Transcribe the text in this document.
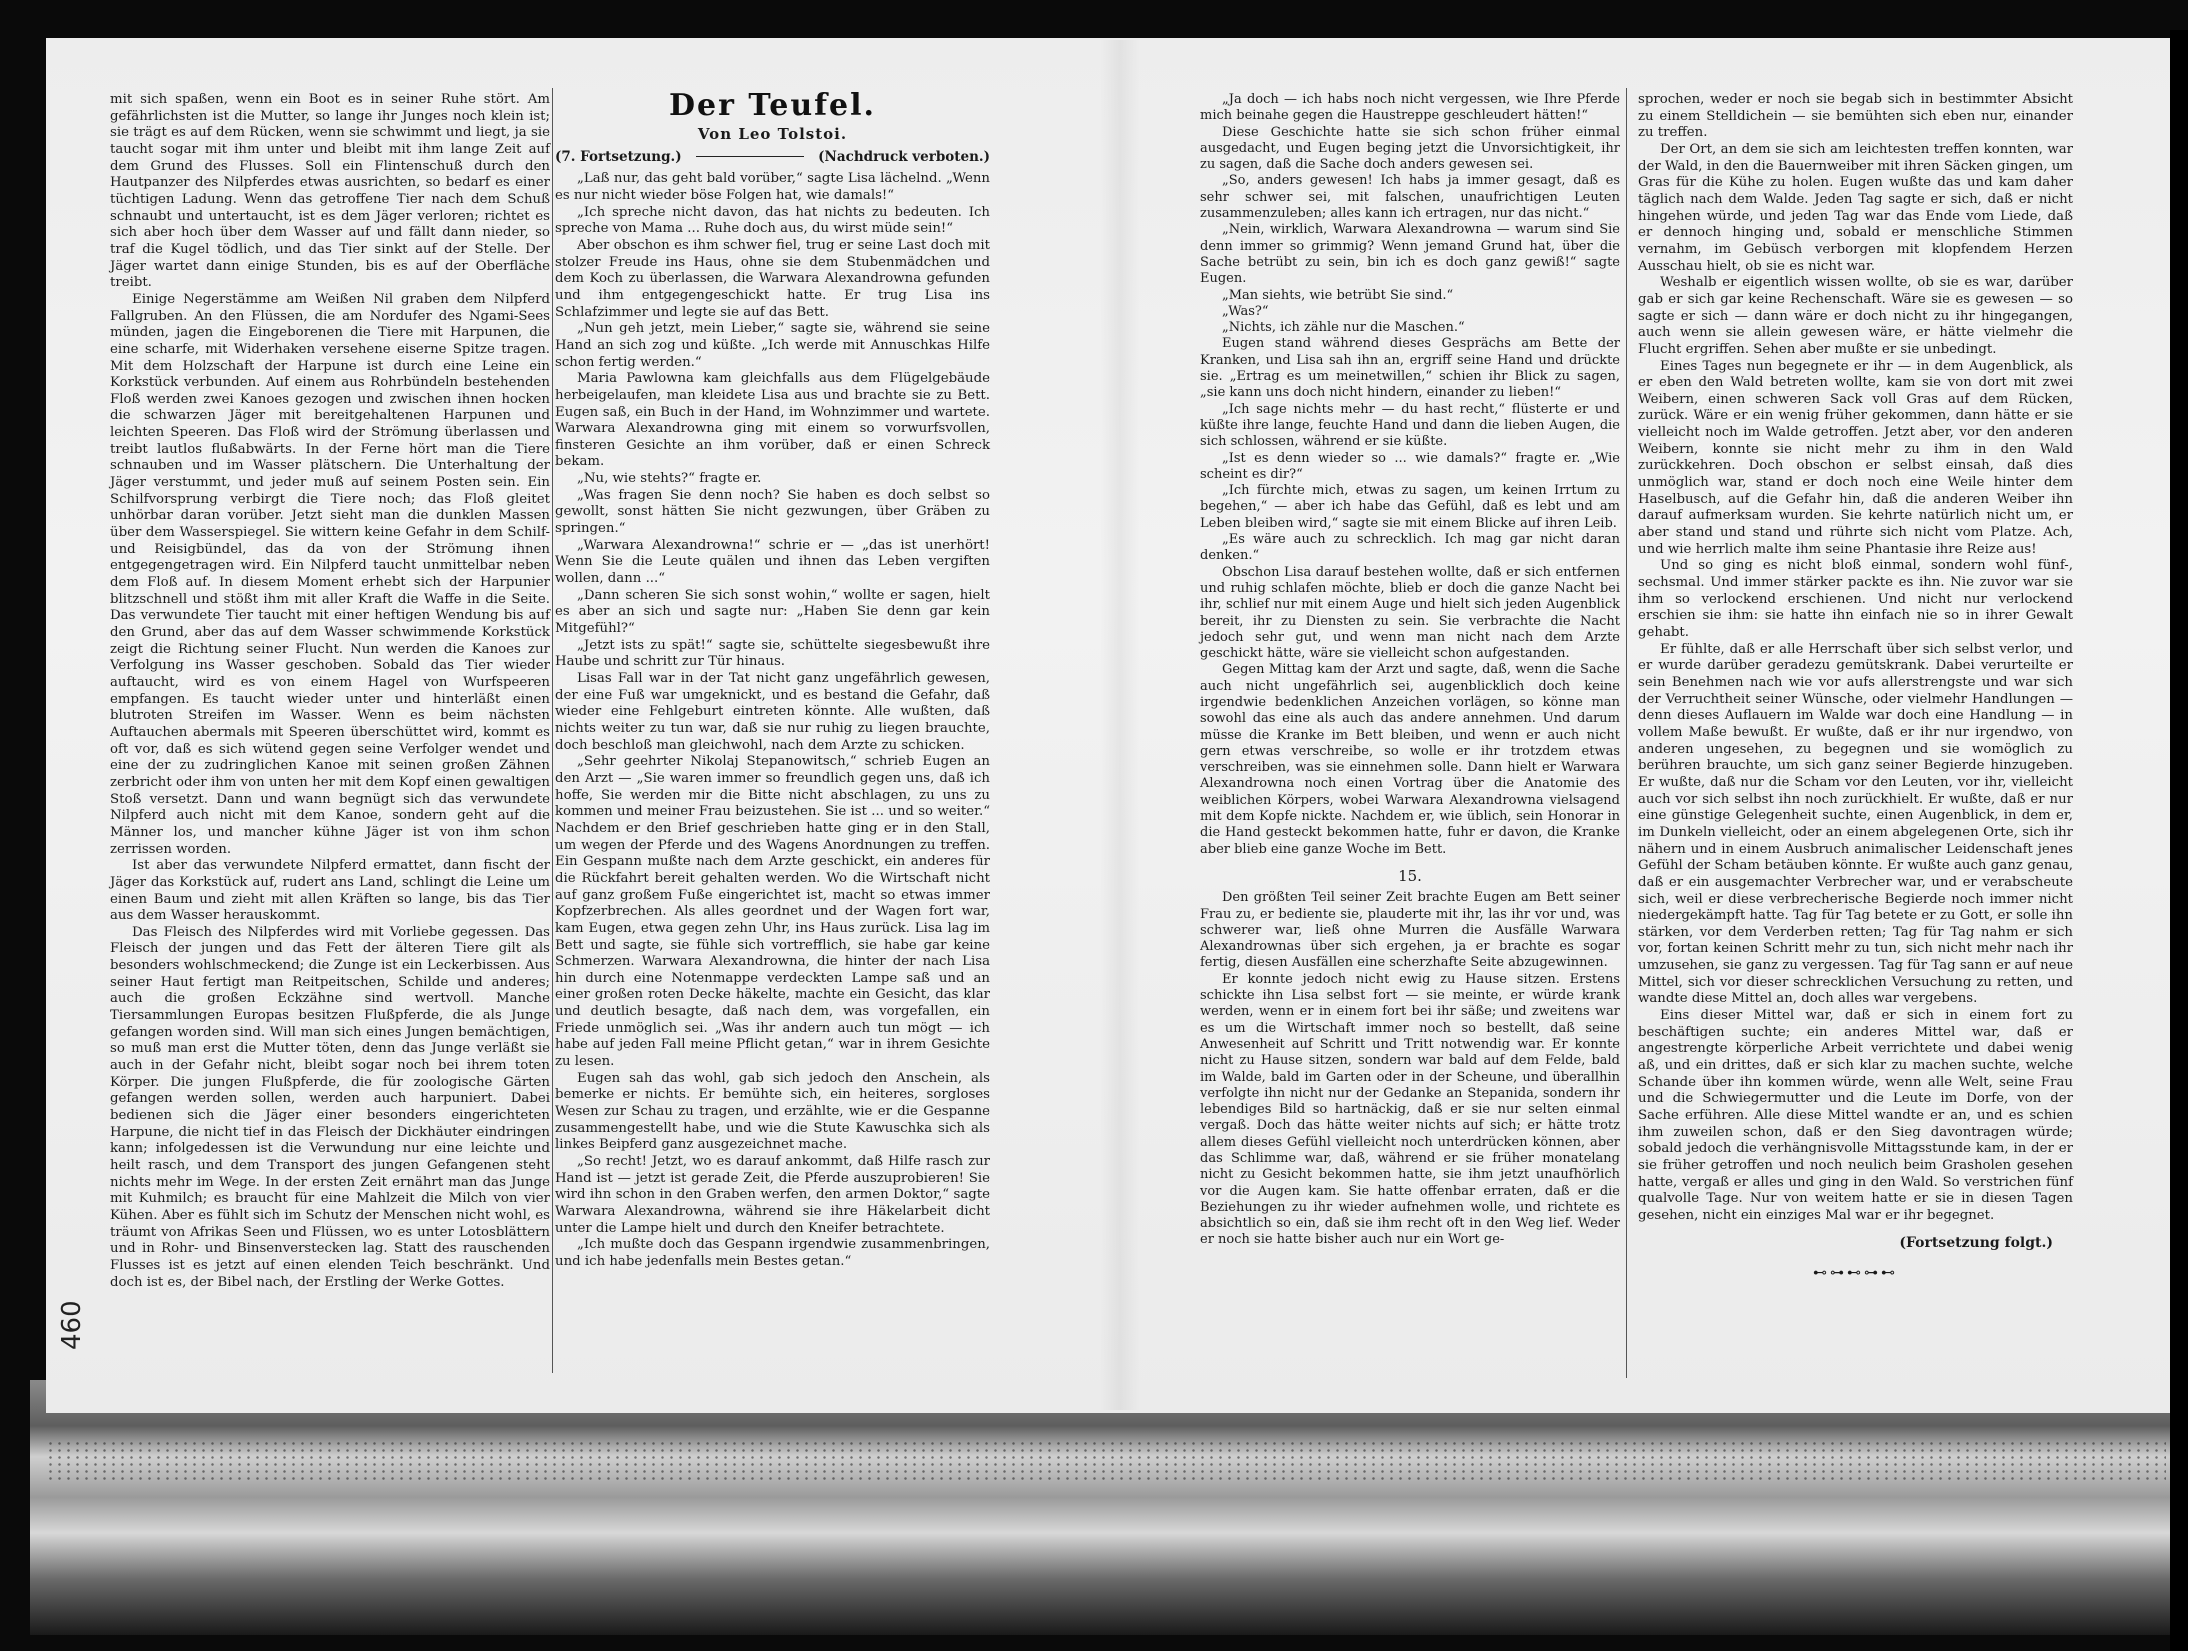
460

mit sich spaßen, wenn ein Boot es in seiner Ruhe stört. Am gefährlichsten ist die Mutter, so lange ihr Junges noch klein ist; sie trägt es auf dem Rücken, wenn sie schwimmt und liegt, ja sie taucht sogar mit ihm unter und bleibt mit ihm lange Zeit auf dem Grund des Flusses. Soll ein Flintenschuß durch den Hautpanzer des Nilpferdes etwas ausrichten, so bedarf es einer tüchtigen Ladung. Wenn das getroffene Tier nach dem Schuß schnaubt und untertaucht, ist es dem Jäger verloren; richtet es sich aber hoch über dem Wasser auf und fällt dann nieder, so traf die Kugel tödlich, und das Tier sinkt auf der Stelle. Der Jäger wartet dann einige Stunden, bis es auf der Oberfläche treibt.

Einige Negerstämme am Weißen Nil graben dem Nilpferd Fallgruben. An den Flüssen, die am Nordufer des Ngami-Sees münden, jagen die Eingeborenen die Tiere mit Harpunen, die eine scharfe, mit Widerhaken versehene eiserne Spitze tragen. Mit dem Holzschaft der Harpune ist durch eine Leine ein Korkstück verbunden. Auf einem aus Rohrbündeln bestehenden Floß werden zwei Kanoes gezogen und zwischen ihnen hocken die schwarzen Jäger mit bereitgehaltenen Harpunen und leichten Speeren. Das Floß wird der Strömung überlassen und treibt lautlos flußabwärts. In der Ferne hört man die Tiere schnauben und im Wasser plätschern. Die Unterhaltung der Jäger verstummt, und jeder muß auf seinem Posten sein. Ein Schilfvorsprung verbirgt die Tiere noch; das Floß gleitet unhörbar daran vorüber. Jetzt sieht man die dunklen Massen über dem Wasserspiegel. Sie wittern keine Gefahr in dem Schilf- und Reisigbündel, das da von der Strömung ihnen entgegengetragen wird. Ein Nilpferd taucht unmittelbar neben dem Floß auf. In diesem Moment erhebt sich der Harpunier blitzschnell und stößt ihm mit aller Kraft die Waffe in die Seite. Das verwundete Tier taucht mit einer heftigen Wendung bis auf den Grund, aber das auf dem Wasser schwimmende Korkstück zeigt die Richtung seiner Flucht. Nun werden die Kanoes zur Verfolgung ins Wasser geschoben. Sobald das Tier wieder auftaucht, wird es von einem Hagel von Wurfspeeren empfangen. Es taucht wieder unter und hinterläßt einen blutroten Streifen im Wasser. Wenn es beim nächsten Auftauchen abermals mit Speeren überschüttet wird, kommt es oft vor, daß es sich wütend gegen seine Verfolger wendet und eine der zu zudringlichen Kanoe mit seinen großen Zähnen zerbricht oder ihm von unten her mit dem Kopf einen gewaltigen Stoß versetzt. Dann und wann begnügt sich das verwundete Nilpferd auch nicht mit dem Kanoe, sondern geht auf die Männer los, und mancher kühne Jäger ist von ihm schon zerrissen worden.

Ist aber das verwundete Nilpferd ermattet, dann fischt der Jäger das Korkstück auf, rudert ans Land, schlingt die Leine um einen Baum und zieht mit allen Kräften so lange, bis das Tier aus dem Wasser herauskommt.

Das Fleisch des Nilpferdes wird mit Vorliebe gegessen. Das Fleisch der jungen und das Fett der älteren Tiere gilt als besonders wohlschmeckend; die Zunge ist ein Leckerbissen. Aus seiner Haut fertigt man Reitpeitschen, Schilde und anderes; auch die großen Eckzähne sind wertvoll. Manche Tiersammlungen Europas besitzen Flußpferde, die als Junge gefangen worden sind. Will man sich eines Jungen bemächtigen, so muß man erst die Mutter töten, denn das Junge verläßt sie auch in der Gefahr nicht, bleibt sogar noch bei ihrem toten Körper. Die jungen Flußpferde, die für zoologische Gärten gefangen werden sollen, werden auch harpuniert. Dabei bedienen sich die Jäger einer besonders eingerichteten Harpune, die nicht tief in das Fleisch der Dickhäuter eindringen kann; infolgedessen ist die Verwundung nur eine leichte und heilt rasch, und dem Transport des jungen Gefangenen steht nichts mehr im Wege. In der ersten Zeit ernährt man das Junge mit Kuhmilch; es braucht für eine Mahlzeit die Milch von vier Kühen. Aber es fühlt sich im Schutz der Menschen nicht wohl, es träumt von Afrikas Seen und Flüssen, wo es unter Lotosblättern und in Rohr- und Binsenverstecken lag. Statt des rauschenden Flusses ist es jetzt auf einen elenden Teich beschränkt. Und doch ist es, der Bibel nach, der Erstling der Werke Gottes.

Der Teufel.
Von Leo Tolstoi.
(7. Fortsetzung.)	(Nachdruck verboten.)

„Laß nur, das geht bald vorüber,“ sagte Lisa lächelnd. „Wenn es nur nicht wieder böse Folgen hat, wie damals!“

„Ich spreche nicht davon, das hat nichts zu bedeuten. Ich spreche von Mama ... Ruhe doch aus, du wirst müde sein!“

Aber obschon es ihm schwer fiel, trug er seine Last doch mit stolzer Freude ins Haus, ohne sie dem Stubenmädchen und dem Koch zu überlassen, die Warwara Alexandrowna gefunden und ihm entgegengeschickt hatte. Er trug Lisa ins Schlafzimmer und legte sie auf das Bett.

„Nun geh jetzt, mein Lieber,“ sagte sie, während sie seine Hand an sich zog und küßte. „Ich werde mit Annuschkas Hilfe schon fertig werden.“

Maria Pawlowna kam gleichfalls aus dem Flügelgebäude herbeigelaufen, man kleidete Lisa aus und brachte sie zu Bett. Eugen saß, ein Buch in der Hand, im Wohnzimmer und wartete. Warwara Alexandrowna ging mit einem so vorwurfsvollen, finsteren Gesichte an ihm vorüber, daß er einen Schreck bekam.

„Nu, wie stehts?“ fragte er.

„Was fragen Sie denn noch? Sie haben es doch selbst so gewollt, sonst hätten Sie nicht gezwungen, über Gräben zu springen.“

„Warwara Alexandrowna!“ schrie er — „das ist unerhört! Wenn Sie die Leute quälen und ihnen das Leben vergiften wollen, dann ...“

„Dann scheren Sie sich sonst wohin,“ wollte er sagen, hielt es aber an sich und sagte nur: „Haben Sie denn gar kein Mitgefühl?“

„Jetzt ists zu spät!“ sagte sie, schüttelte siegesbewußt ihre Haube und schritt zur Tür hinaus.

Lisas Fall war in der Tat nicht ganz ungefährlich gewesen, der eine Fuß war umgeknickt, und es bestand die Gefahr, daß wieder eine Fehlgeburt eintreten könnte. Alle wußten, daß nichts weiter zu tun war, daß sie nur ruhig zu liegen brauchte, doch beschloß man gleichwohl, nach dem Arzte zu schicken.

„Sehr geehrter Nikolaj Stepanowitsch,“ schrieb Eugen an den Arzt — „Sie waren immer so freundlich gegen uns, daß ich hoffe, Sie werden mir die Bitte nicht abschlagen, zu uns zu kommen und meiner Frau beizustehen. Sie ist ... und so weiter.“ Nachdem er den Brief geschrieben hatte ging er in den Stall, um wegen der Pferde und des Wagens Anordnungen zu treffen. Ein Gespann mußte nach dem Arzte geschickt, ein anderes für die Rückfahrt bereit gehalten werden. Wo die Wirtschaft nicht auf ganz großem Fuße eingerichtet ist, macht so etwas immer Kopfzerbrechen. Als alles geordnet und der Wagen fort war, kam Eugen, etwa gegen zehn Uhr, ins Haus zurück. Lisa lag im Bett und sagte, sie fühle sich vortrefflich, sie habe gar keine Schmerzen. Warwara Alexandrowna, die hinter der nach Lisa hin durch eine Notenmappe verdeckten Lampe saß und an einer großen roten Decke häkelte, machte ein Gesicht, das klar und deutlich besagte, daß nach dem, was vorgefallen, ein Friede unmöglich sei. „Was ihr andern auch tun mögt — ich habe auf jeden Fall meine Pflicht getan,“ war in ihrem Gesichte zu lesen.

Eugen sah das wohl, gab sich jedoch den Anschein, als bemerke er nichts. Er bemühte sich, ein heiteres, sorgloses Wesen zur Schau zu tragen, und erzählte, wie er die Gespanne zusammengestellt habe, und wie die Stute Kawuschka sich als linkes Beipferd ganz ausgezeichnet mache.

„So recht! Jetzt, wo es darauf ankommt, daß Hilfe rasch zur Hand ist — jetzt ist gerade Zeit, die Pferde auszuprobieren! Sie wird ihn schon in den Graben werfen, den armen Doktor,“ sagte Warwara Alexandrowna, während sie ihre Häkelarbeit dicht unter die Lampe hielt und durch den Kneifer betrachtete.

„Ich mußte doch das Gespann irgendwie zusammenbringen, und ich habe jedenfalls mein Bestes getan.“

„Ja doch — ich habs noch nicht vergessen, wie Ihre Pferde mich beinahe gegen die Haustreppe geschleudert hätten!“

Diese Geschichte hatte sie sich schon früher einmal ausgedacht, und Eugen beging jetzt die Unvorsichtigkeit, ihr zu sagen, daß die Sache doch anders gewesen sei.

„So, anders gewesen! Ich habs ja immer gesagt, daß es sehr schwer sei, mit falschen, unaufrichtigen Leuten zusammenzuleben; alles kann ich ertragen, nur das nicht.“

„Nein, wirklich, Warwara Alexandrowna — warum sind Sie denn immer so grimmig? Wenn jemand Grund hat, über die Sache betrübt zu sein, bin ich es doch ganz gewiß!“ sagte Eugen.

„Man siehts, wie betrübt Sie sind.“

„Was?“

„Nichts, ich zähle nur die Maschen.“

Eugen stand während dieses Gesprächs am Bette der Kranken, und Lisa sah ihn an, ergriff seine Hand und drückte sie. „Ertrag es um meinetwillen,“ schien ihr Blick zu sagen, „sie kann uns doch nicht hindern, einander zu lieben!“

„Ich sage nichts mehr — du hast recht,“ flüsterte er und küßte ihre lange, feuchte Hand und dann die lieben Augen, die sich schlossen, während er sie küßte.

„Ist es denn wieder so ... wie damals?“ fragte er. „Wie scheint es dir?“

„Ich fürchte mich, etwas zu sagen, um keinen Irrtum zu begehen,“ — aber ich habe das Gefühl, daß es lebt und am Leben bleiben wird,“ sagte sie mit einem Blicke auf ihren Leib.

„Es wäre auch zu schrecklich. Ich mag gar nicht daran denken.“

Obschon Lisa darauf bestehen wollte, daß er sich entfernen und ruhig schlafen möchte, blieb er doch die ganze Nacht bei ihr, schlief nur mit einem Auge und hielt sich jeden Augenblick bereit, ihr zu Diensten zu sein. Sie verbrachte die Nacht jedoch sehr gut, und wenn man nicht nach dem Arzte geschickt hätte, wäre sie vielleicht schon aufgestanden.

Gegen Mittag kam der Arzt und sagte, daß, wenn die Sache auch nicht ungefährlich sei, augenblicklich doch keine irgendwie bedenklichen Anzeichen vorlägen, so könne man sowohl das eine als auch das andere annehmen. Und darum müsse die Kranke im Bett bleiben, und wenn er auch nicht gern etwas verschreibe, so wolle er ihr trotzdem etwas verschreiben, was sie einnehmen solle. Dann hielt er Warwara Alexandrowna noch einen Vortrag über die Anatomie des weiblichen Körpers, wobei Warwara Alexandrowna vielsagend mit dem Kopfe nickte. Nachdem er, wie üblich, sein Honorar in die Hand gesteckt bekommen hatte, fuhr er davon, die Kranke aber blieb eine ganze Woche im Bett.

15.

Den größten Teil seiner Zeit brachte Eugen am Bett seiner Frau zu, er bediente sie, plauderte mit ihr, las ihr vor und, was schwerer war, ließ ohne Murren die Ausfälle Warwara Alexandrownas über sich ergehen, ja er brachte es sogar fertig, diesen Ausfällen eine scherzhafte Seite abzugewinnen.

Er konnte jedoch nicht ewig zu Hause sitzen. Erstens schickte ihn Lisa selbst fort — sie meinte, er würde krank werden, wenn er in einem fort bei ihr säße; und zweitens war es um die Wirtschaft immer noch so bestellt, daß seine Anwesenheit auf Schritt und Tritt notwendig war. Er konnte nicht zu Hause sitzen, sondern war bald auf dem Felde, bald im Walde, bald im Garten oder in der Scheune, und überallhin verfolgte ihn nicht nur der Gedanke an Stepanida, sondern ihr lebendiges Bild so hartnäckig, daß er sie nur selten einmal vergaß. Doch das hätte weiter nichts auf sich; er hätte trotz allem dieses Gefühl vielleicht noch unterdrücken können, aber das Schlimme war, daß, während er sie früher monatelang nicht zu Gesicht bekommen hatte, sie ihm jetzt unaufhörlich vor die Augen kam. Sie hatte offenbar erraten, daß er die Beziehungen zu ihr wieder aufnehmen wolle, und richtete es absichtlich so ein, daß sie ihm recht oft in den Weg lief. Weder er noch sie hatte bisher auch nur ein Wort ge-

sprochen, weder er noch sie begab sich in bestimmter Absicht zu einem Stelldichein — sie bemühten sich eben nur, einander zu treffen.

Der Ort, an dem sie sich am leichtesten treffen konnten, war der Wald, in den die Bauernweiber mit ihren Säcken gingen, um Gras für die Kühe zu holen. Eugen wußte das und kam daher täglich nach dem Walde. Jeden Tag sagte er sich, daß er nicht hingehen würde, und jeden Tag war das Ende vom Liede, daß er dennoch hinging und, sobald er menschliche Stimmen vernahm, im Gebüsch verborgen mit klopfendem Herzen Ausschau hielt, ob sie es nicht war.

Weshalb er eigentlich wissen wollte, ob sie es war, darüber gab er sich gar keine Rechenschaft. Wäre sie es gewesen — so sagte er sich — dann wäre er doch nicht zu ihr hingegangen, auch wenn sie allein gewesen wäre, er hätte vielmehr die Flucht ergriffen. Sehen aber mußte er sie unbedingt.

Eines Tages nun begegnete er ihr — in dem Augenblick, als er eben den Wald betreten wollte, kam sie von dort mit zwei Weibern, einen schweren Sack voll Gras auf dem Rücken, zurück. Wäre er ein wenig früher gekommen, dann hätte er sie vielleicht noch im Walde getroffen. Jetzt aber, vor den anderen Weibern, konnte sie nicht mehr zu ihm in den Wald zurückkehren. Doch obschon er selbst einsah, daß dies unmöglich war, stand er doch noch eine Weile hinter dem Haselbusch, auf die Gefahr hin, daß die anderen Weiber ihn darauf aufmerksam wurden. Sie kehrte natürlich nicht um, er aber stand und stand und rührte sich nicht vom Platze. Ach, und wie herrlich malte ihm seine Phantasie ihre Reize aus!

Und so ging es nicht bloß einmal, sondern wohl fünf-, sechsmal. Und immer stärker packte es ihn. Nie zuvor war sie ihm so verlockend erschienen. Und nicht nur verlockend erschien sie ihm: sie hatte ihn einfach nie so in ihrer Gewalt gehabt.

Er fühlte, daß er alle Herrschaft über sich selbst verlor, und er wurde darüber geradezu gemütskrank. Dabei verurteilte er sein Benehmen nach wie vor aufs allerstrengste und war sich der Verruchtheit seiner Wünsche, oder vielmehr Handlungen — denn dieses Auflauern im Walde war doch eine Handlung — in vollem Maße bewußt. Er wußte, daß er ihr nur irgendwo, von anderen ungesehen, zu begegnen und sie womöglich zu berühren brauchte, um sich ganz seiner Begierde hinzugeben. Er wußte, daß nur die Scham vor den Leuten, vor ihr, vielleicht auch vor sich selbst ihn noch zurückhielt. Er wußte, daß er nur eine günstige Gelegenheit suchte, einen Augenblick, in dem er, im Dunkeln vielleicht, oder an einem abgelegenen Orte, sich ihr nähern und in einem Ausbruch animalischer Leidenschaft jenes Gefühl der Scham betäuben könnte. Er wußte auch ganz genau, daß er ein ausgemachter Verbrecher war, und er verabscheute sich, weil er diese verbrecherische Begierde noch immer nicht niedergekämpft hatte. Tag für Tag betete er zu Gott, er solle ihn stärken, vor dem Verderben retten; Tag für Tag nahm er sich vor, fortan keinen Schritt mehr zu tun, sich nicht mehr nach ihr umzusehen, sie ganz zu vergessen. Tag für Tag sann er auf neue Mittel, sich vor dieser schrecklichen Versuchung zu retten, und wandte diese Mittel an, doch alles war vergebens.

Eins dieser Mittel war, daß er sich in einem fort zu beschäftigen suchte; ein anderes Mittel war, daß er angestrengte körperliche Arbeit verrichtete und dabei wenig aß, und ein drittes, daß er sich klar zu machen suchte, welche Schande über ihn kommen würde, wenn alle Welt, seine Frau und die Schwiegermutter und die Leute im Dorfe, von der Sache erführen. Alle diese Mittel wandte er an, und es schien ihm zuweilen schon, daß er den Sieg davontragen würde; sobald jedoch die verhängnisvolle Mittagsstunde kam, in der er sie früher getroffen und noch neulich beim Grasholen gesehen hatte, vergaß er alles und ging in den Wald. So verstrichen fünf qualvolle Tage. Nur von weitem hatte er sie in diesen Tagen gesehen, nicht ein einziges Mal war er ihr begegnet.

(Fortsetzung folgt.)
⊷⊶⊷⊶⊷
